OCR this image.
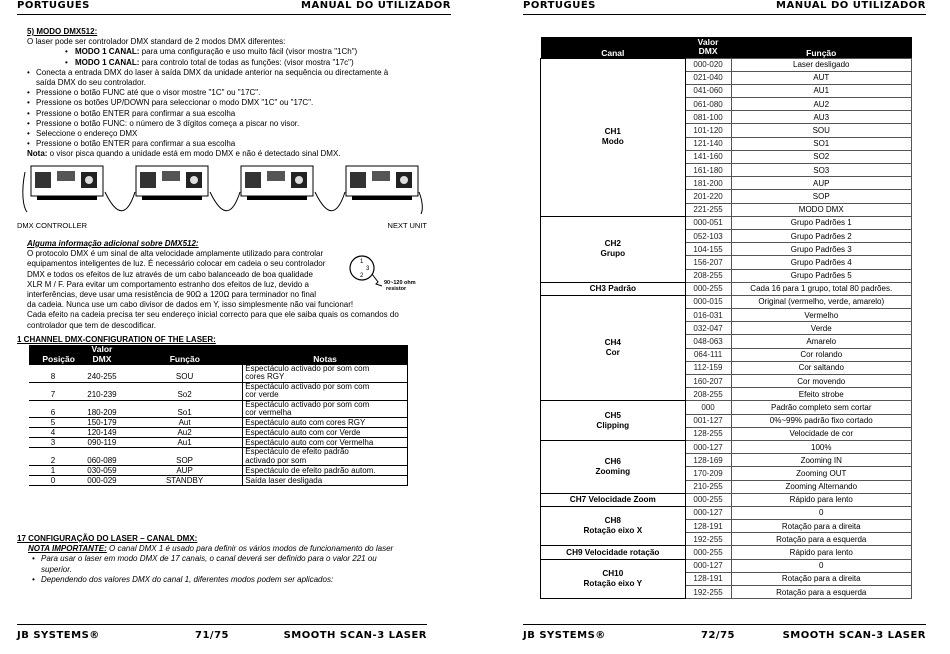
PORTUGUÊS	MANUAL DO UTILIZADOR
5) MODO DMX512:
O laser pode ser controlador DMX standard de 2 modos DMX diferentes:
• MODO 1 CANAL: para uma configuração e uso muito fácil (visor mostra "1Ch")
• MODO 1 CANAL: para controlo total de todas as funções: (visor mostra "17c")
• Conecta a entrada DMX do laser à saída DMX da unidade anterior na sequência ou directamente à
saída DMX do seu controlador.
• Pressione o botão FUNC até que o visor mostre "1C" ou "17C".
• Pressione os botões UP/DOWN para seleccionar o modo DMX "1C" ou "17C".
• Pressione o botão ENTER para confirmar a sua escolha
• Pressione o botão FUNC: o número de 3 dígitos começa a piscar no visor.
• Seleccione o endereço DMX
• Pressione o botão ENTER para confirmar a sua escolha
Nota: o visor pisca quando a unidade está em modo DMX e não é detectado sinal DMX.
DMX CONTROLLER	NEXT UNIT
Alguma informação adicional sobre DMX512:
O protocolo DMX é um sinal de alta velocidade amplamente utilizado para controlar
equipamentos inteligentes de luz. É necessário colocar em cadeia o seu controlador
DMX e todos os efeitos de luz através de um cabo balanceado de boa qualidade
XLR M / F. Para evitar um comportamento estranho dos efeitos de luz, devido a
interferências, deve usar uma resistência de 90Ω a 120Ω para terminador no final
da cadeia. Nunca use um cabo divisor de dados em Y, isso simplesmente não vai funcionar!
Cada efeito na cadeia precisa ter seu endereço inicial correcto para que ele saiba quais os comandos do
controlador que tem de descodificar.
1
3
2
90~120 ohm
resistor
1 CHANNEL DMX-CONFIGURATION OF THE LASER:
Posição	Valor
DMX	Função	Notas
8	240-255	SOU	Espectáculo activado por som com
cores RGY
7	210-239	So2	Espectáculo activado por som com
cor verde
6	180-209	So1	Espectáculo activado por som com
cor vermelha
5	150-179	Aut	Espectáculo auto com cores RGY
4	120-149	Au2	Espectáculo auto com cor Verde
3	090-119	Au1	Espectáculo auto com cor Vermelha
2	060-089	SOP	Espectáculo de efeito padrão
activado por som
1	030-059	AUP	Espectáculo de efeito padrão autom.
0	000-029	STANDBY	Saída laser desligada
17 CONFIGURAÇÃO DO LASER – CANAL DMX:
NOTA IMPORTANTE: O canal DMX 1 é usado para definir os vários modos de funcionamento do laser
• Para usar o laser em modo DMX de 17 canais, o canal deverá ser definido para o valor 221 ou
superior.
• Dependendo dos valores DMX do canal 1, diferentes modos podem ser aplicados:
JB SYSTEMS®	71/75	SMOOTH SCAN-3 LASER
PORTUGUÊS	MANUAL DO UTILIZADOR
JB SYSTEMS®	72/75	SMOOTH SCAN-3 LASER
Canal	Valor
DMX	Função
CH1
Modo	000-020	Laser desligado
	021-040	AUT
	041-060	AU1
	061-080	AU2
	081-100	AU3
	101-120	SOU
	121-140	SO1
	141-160	SO2
	161-180	SO3
	181-200	AUP
	201-220	SOP
	221-255	MODO DMX
CH2
Grupo	000-051	Grupo Padrões 1
	052-103	Grupo Padrões 2
	104-155	Grupo Padrões 3
	156-207	Grupo Padrões 4
	208-255	Grupo Padrões 5
CH3 Padrão	000-255	Cada 16 para 1 grupo, total 80 padrões.
CH4
Cor	000-015	Original (vermelho, verde, amarelo)
	016-031	Vermelho
	032-047	Verde
	048-063	Amarelo
	064-111	Cor rolando
	112-159	Cor saltando
	160-207	Cor movendo
	208-255	Efeito strobe
CH5
Clipping	000	Padrão completo sem cortar
	001-127	0%~99% padrão fixo cortado
	128-255	Velocidade de cor
CH6
Zooming	000-127	100%
	128-169	Zooming IN
	170-209	Zooming OUT
	210-255	Zooming Alternando
CH7 Velocidade Zoom	000-255	Rápido para lento
CH8
Rotação eixo X	000-127	0
	128-191	Rotação para a direita
	192-255	Rotação para a esquerda
CH9 Velocidade rotação	000-255	Rápido para lento
CH10
Rotação eixo Y	000-127	0
	128-191	Rotação para a direita
	192-255	Rotação para a esquerda
